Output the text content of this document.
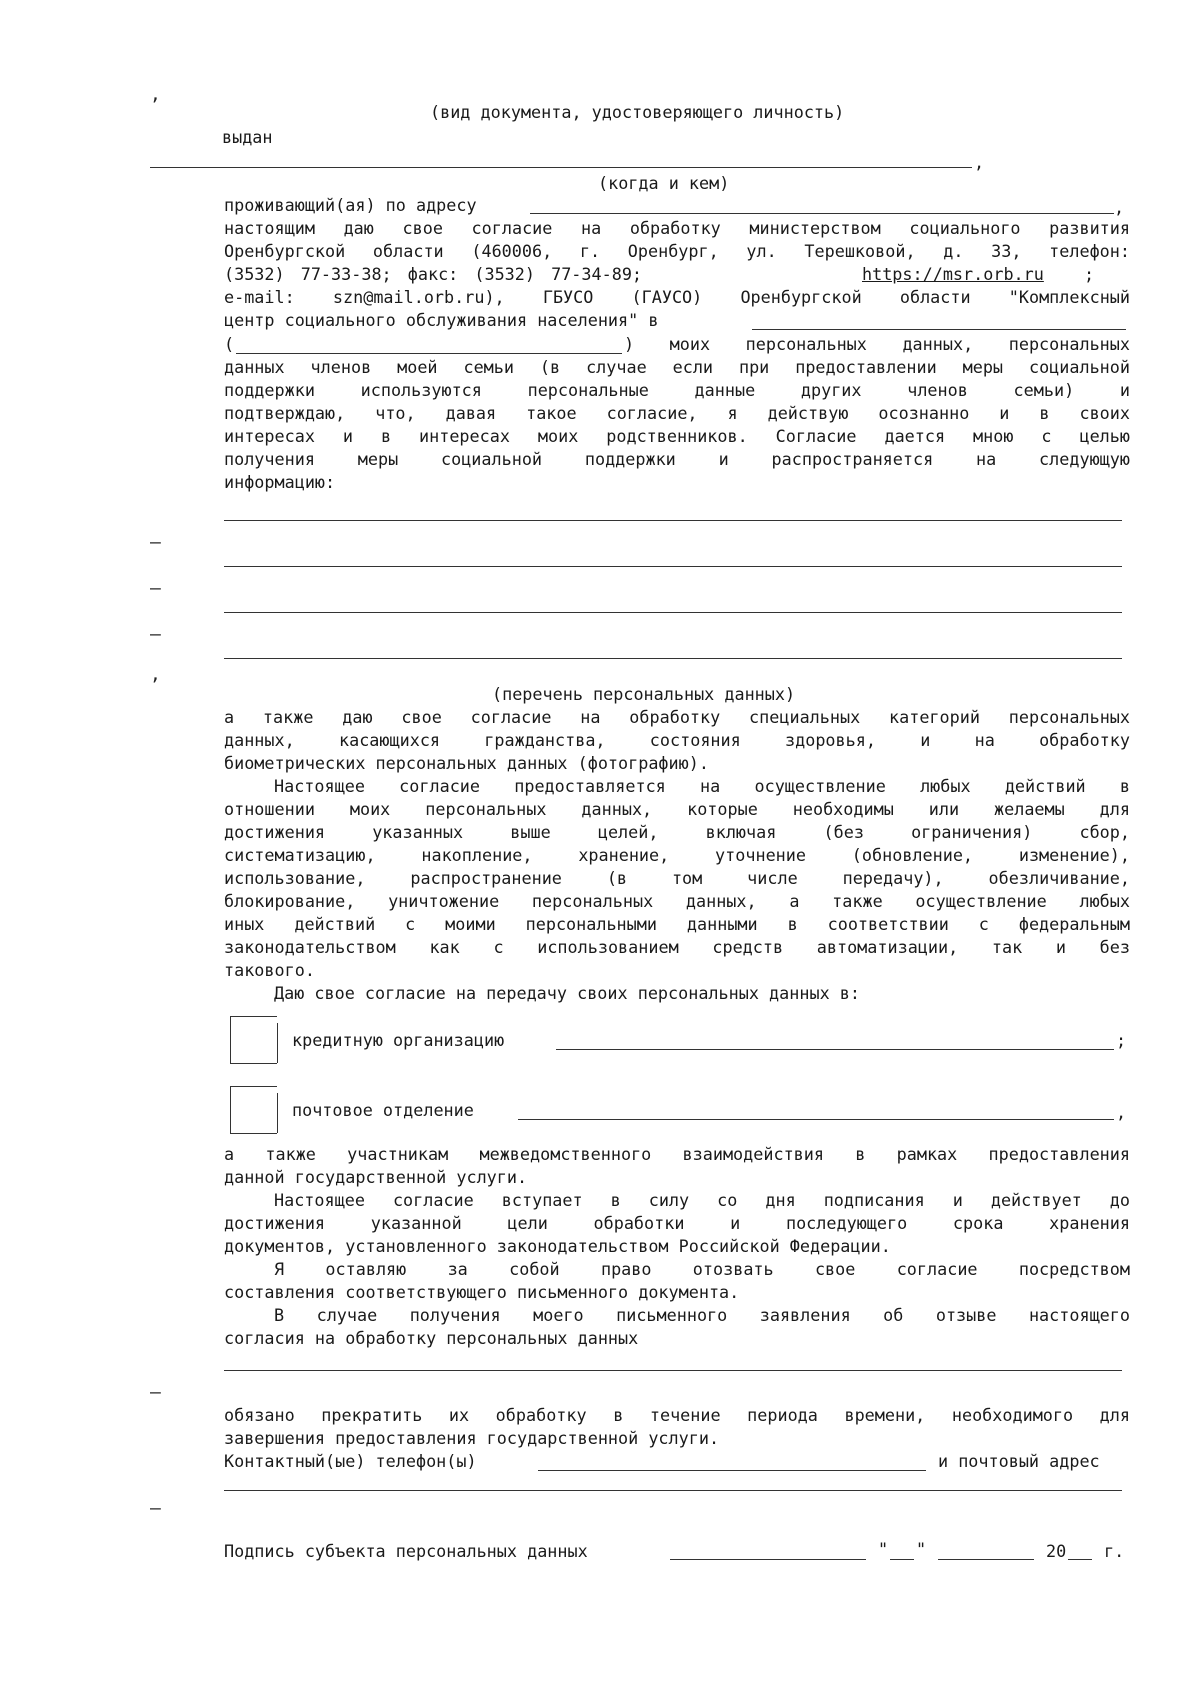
,
–
–
–
,
–
–
(вид документа, удостоверяющего личность)
выдан
,
(когда и кем)
проживающий(ая) по адресу	,
настоящим даю свое согласие на обработку министерством социального развития
Оренбургской области (460006, г. Оренбург, ул. Терешковой, д. 33, телефон:
(3532) 77-33-38; факс: (3532) 77-34-89;	https://msr.orb.ru ;
e-mail: szn@mail.orb.ru), ГБУСО (ГАУСО) Оренбургской области "Комплексный
центр социального обслуживания населения" в
(	) моих персональных данных, персональных
данных членов моей семьи (в случае если при предоставлении меры социальной
поддержки используются персональные данные других членов семьи) и
подтверждаю, что, давая такое согласие, я действую осознанно и в своих
интересах и в интересах моих родственников. Согласие дается мною с целью
получения меры социальной поддержки и распространяется на следующую
информацию:
(перечень персональных данных)
а также даю свое согласие на обработку специальных категорий персональных
данных, касающихся гражданства, состояния здоровья, и на обработку
биометрических персональных данных (фотографию).
Настоящее согласие предоставляется на осуществление любых действий в
отношении моих персональных данных, которые необходимы или желаемы для
достижения указанных выше целей, включая (без ограничения) сбор,
систематизацию, накопление, хранение, уточнение (обновление, изменение),
использование, распространение (в том числе передачу), обезличивание,
блокирование, уничтожение персональных данных, а также осуществление любых
иных действий с моими персональными данными в соответствии с федеральным
законодательством как с использованием средств автоматизации, так и без
такового.
Даю свое согласие на передачу своих персональных данных в:
кредитную организацию	;
почтовое отделение	,
а также участникам межведомственного взаимодействия в рамках предоставления
данной государственной услуги.
Настоящее согласие вступает в силу со дня подписания и действует до
достижения указанной цели обработки и последующего срока хранения
документов, установленного законодательством Российской Федерации.
Я оставляю за собой право отозвать свое согласие посредством
составления соответствующего письменного документа.
В случае получения моего письменного заявления об отзыве настоящего
согласия на обработку персональных данных
обязано прекратить их обработку в течение периода времени, необходимого для
завершения предоставления государственной услуги.
Контактный(ые) телефон(ы)	и почтовый адрес
Подпись субъекта персональных данных	" "	20 г.
